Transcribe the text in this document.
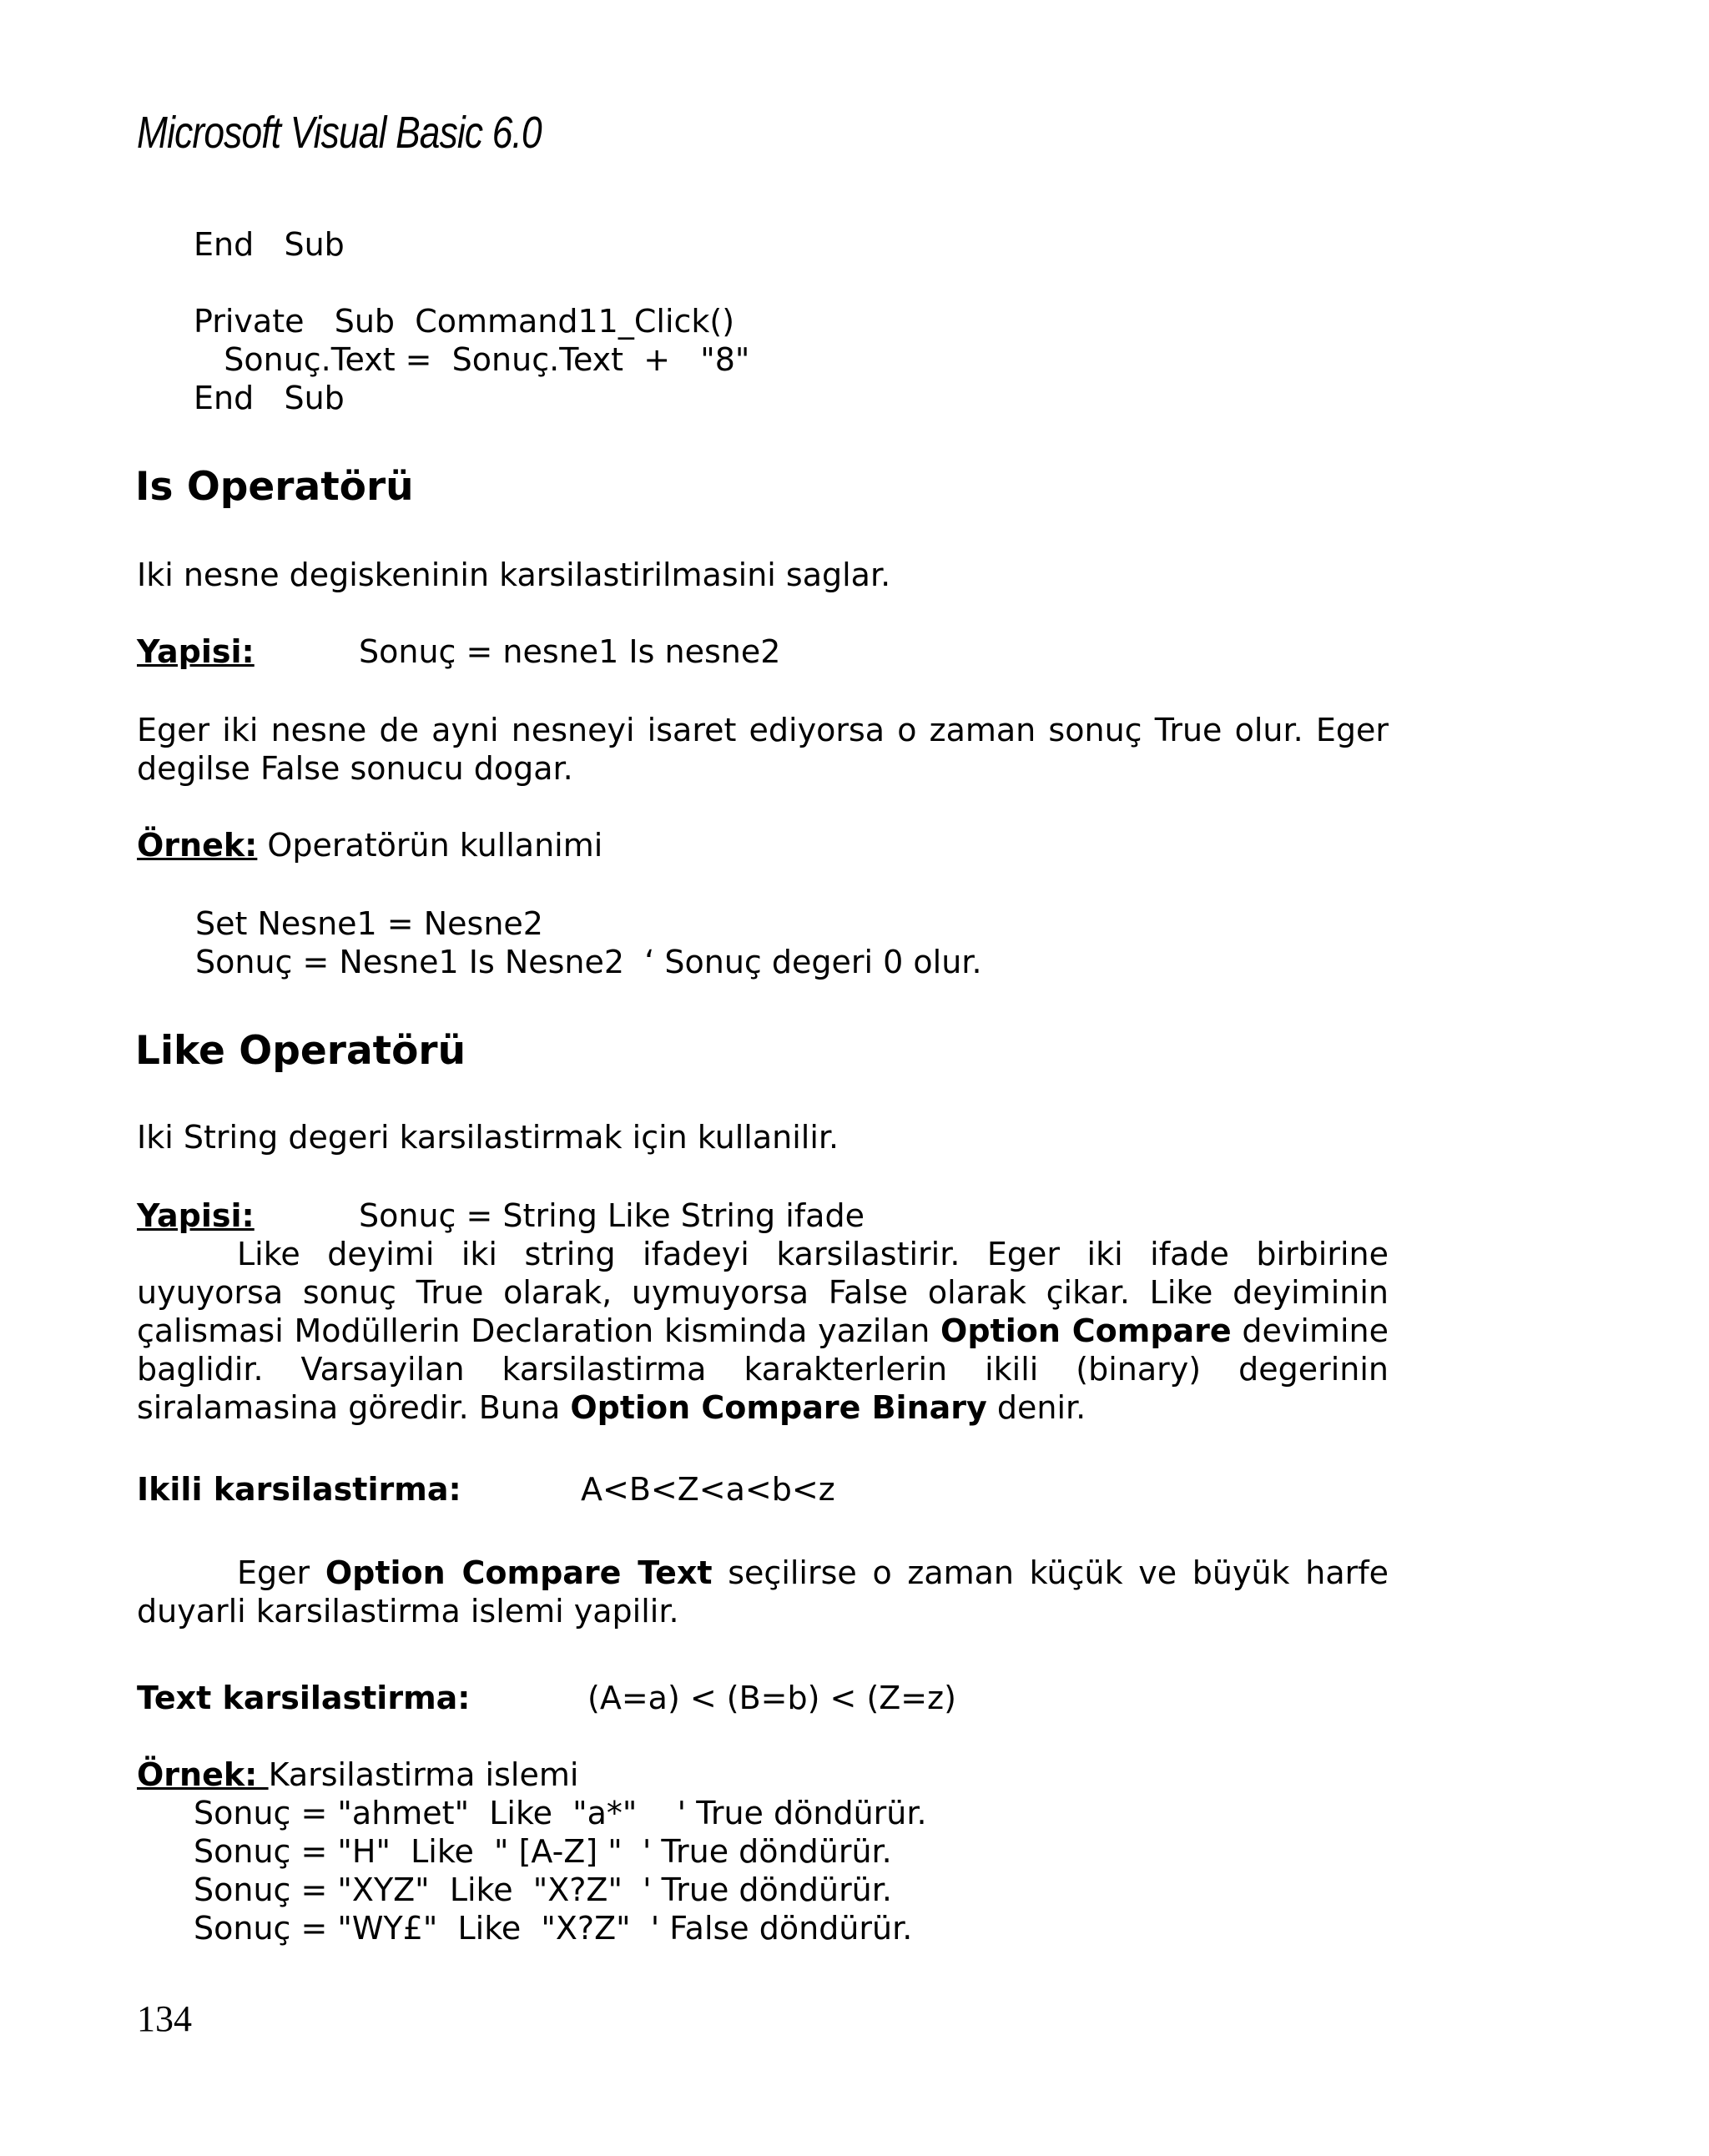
Microsoft Visual Basic 6.0
End   Sub
Private   Sub  Command11_Click()
Sonuç.Text =  Sonuç.Text  +   "8"
End   Sub
Is Operatörü
Iki nesne degiskeninin karsilastirilmasini saglar.
Yapisi:	Sonuç = nesne1 Is nesne2
Eger iki nesne de ayni nesneyi isaret ediyorsa o zaman sonuç True olur. Eger degilse False sonucu dogar.
Örnek: Operatörün kullanimi
Set Nesne1 = Nesne2
Sonuç = Nesne1 Is Nesne2  ‘ Sonuç degeri 0 olur.
Like Operatörü
Iki String degeri karsilastirmak için kullanilir.
Yapisi:	Sonuç = String Like String ifade
Like deyimi iki string ifadeyi karsilastirir. Eger iki ifade birbirine uyuyorsa sonuç True olarak, uymuyorsa False olarak çikar. Like deyiminin çalismasi Modüllerin Declaration kisminda yazilan Option Compare devimine baglidir. Varsayilan karsilastirma karakterlerin ikili (binary) degerinin siralamasina göredir. Buna Option Compare Binary denir.
Ikili karsilastirma:	A<B<Z<a<b<z
Eger Option Compare Text seçilirse o zaman küçük ve büyük harfe duyarli karsilastirma islemi yapilir.
Text karsilastirma:	(A=a) < (B=b) < (Z=z)
Örnek: Karsilastirma islemi
Sonuç = "ahmet"  Like  "a*"    ' True döndürür.
Sonuç = "H"  Like  " [A-Z] "  ' True döndürür.
Sonuç = "XYZ"  Like  "X?Z"  ' True döndürür.
Sonuç = "WY£"  Like  "X?Z"  ' False döndürür.
134
